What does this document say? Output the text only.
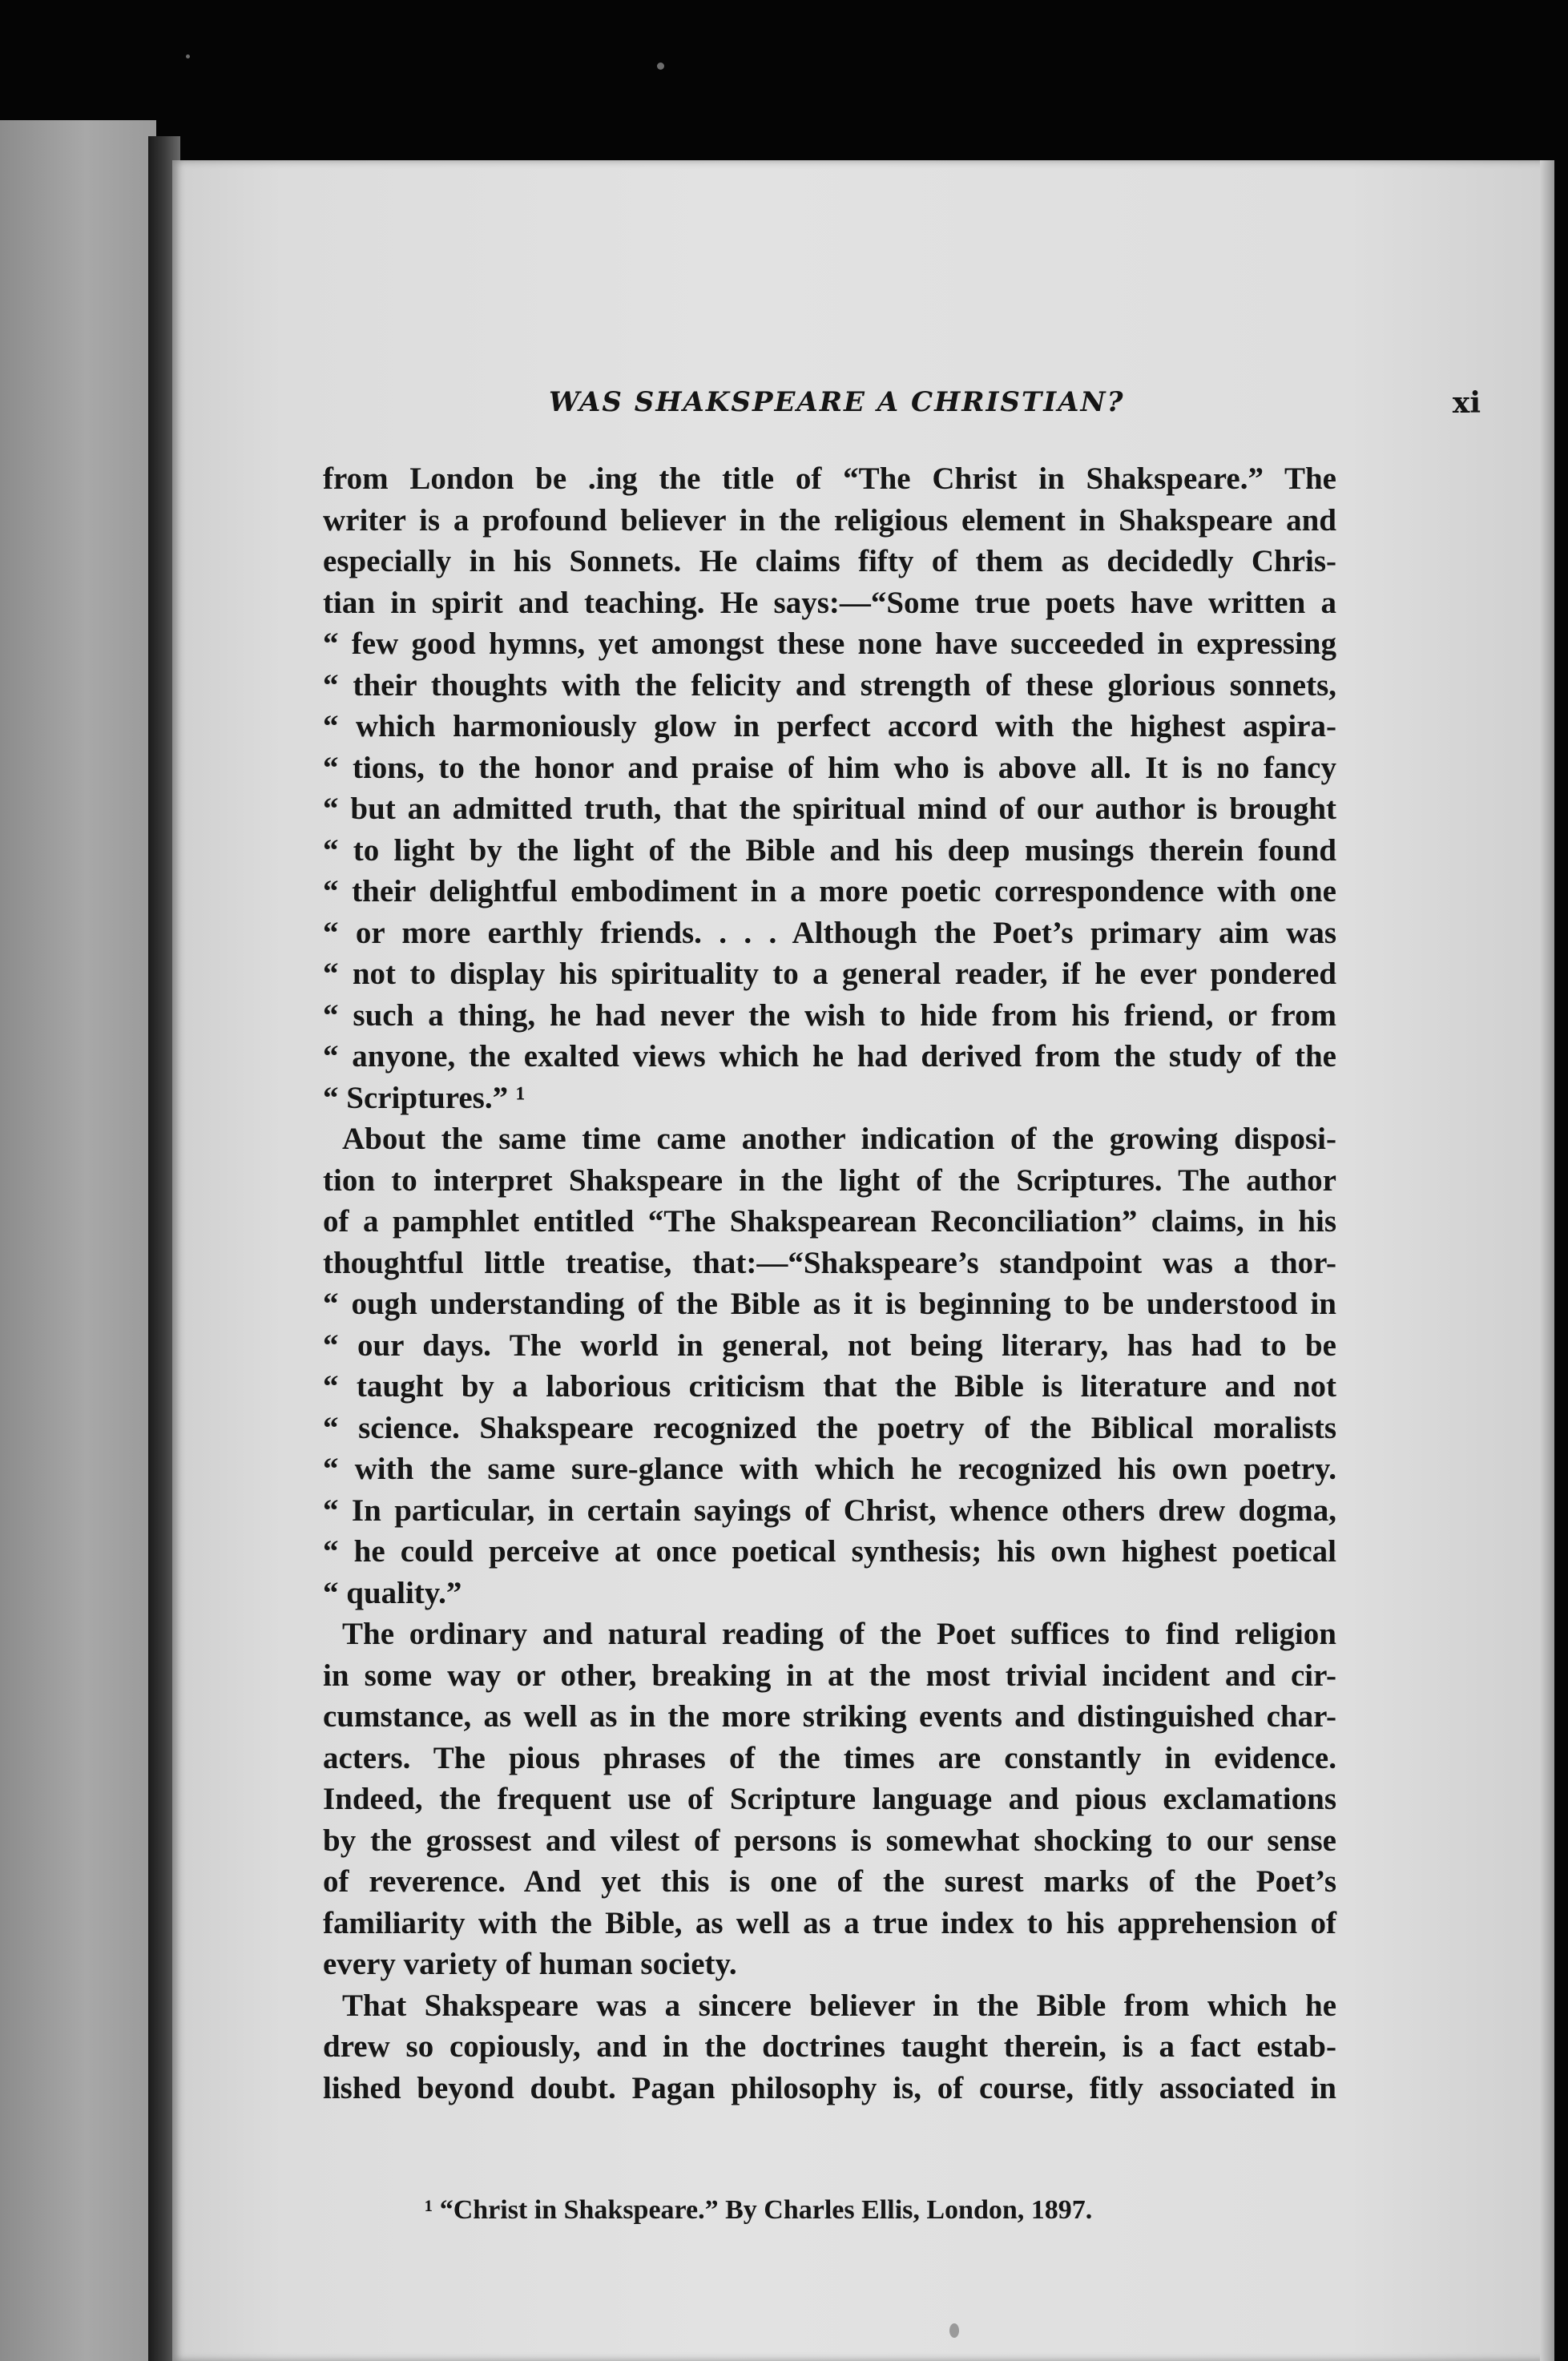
WAS SHAKSPEARE A CHRISTIAN?	xi
from London be .ing the title of “The Christ in Shakspeare.” The
writer is a profound believer in the religious element in Shakspeare and
especially in his Sonnets. He claims fifty of them as decidedly Chris-
tian in spirit and teaching. He says:—“Some true poets have written a
“ few good hymns, yet amongst these none have succeeded in expressing
“ their thoughts with the felicity and strength of these glorious sonnets,
“ which harmoniously glow in perfect accord with the highest aspira-
“ tions, to the honor and praise of him who is above all. It is no fancy
“ but an admitted truth, that the spiritual mind of our author is brought
“ to light by the light of the Bible and his deep musings therein found
“ their delightful embodiment in a more poetic correspondence with one
“ or more earthly friends. . . . Although the Poet’s primary aim was
“ not to display his spirituality to a general reader, if he ever pondered
“ such a thing, he had never the wish to hide from his friend, or from
“ anyone, the exalted views which he had derived from the study of the
“ Scriptures.” ¹
About the same time came another indication of the growing disposi-
tion to interpret Shakspeare in the light of the Scriptures. The author
of a pamphlet entitled “The Shakspearean Reconciliation” claims, in his
thoughtful little treatise, that:—“Shakspeare’s standpoint was a thor-
“ ough understanding of the Bible as it is beginning to be understood in
“ our days. The world in general, not being literary, has had to be
“ taught by a laborious criticism that the Bible is literature and not
“ science. Shakspeare recognized the poetry of the Biblical moralists
“ with the same sure-glance with which he recognized his own poetry.
“ In particular, in certain sayings of Christ, whence others drew dogma,
“ he could perceive at once poetical synthesis; his own highest poetical
“ quality.”
The ordinary and natural reading of the Poet suffices to find religion
in some way or other, breaking in at the most trivial incident and cir-
cumstance, as well as in the more striking events and distinguished char-
acters. The pious phrases of the times are constantly in evidence.
Indeed, the frequent use of Scripture language and pious exclamations
by the grossest and vilest of persons is somewhat shocking to our sense
of reverence. And yet this is one of the surest marks of the Poet’s
familiarity with the Bible, as well as a true index to his apprehension of
every variety of human society.
That Shakspeare was a sincere believer in the Bible from which he
drew so copiously, and in the doctrines taught therein, is a fact estab-
lished beyond doubt. Pagan philosophy is, of course, fitly associated in
¹ “Christ in Shakspeare.” By Charles Ellis, London, 1897.
